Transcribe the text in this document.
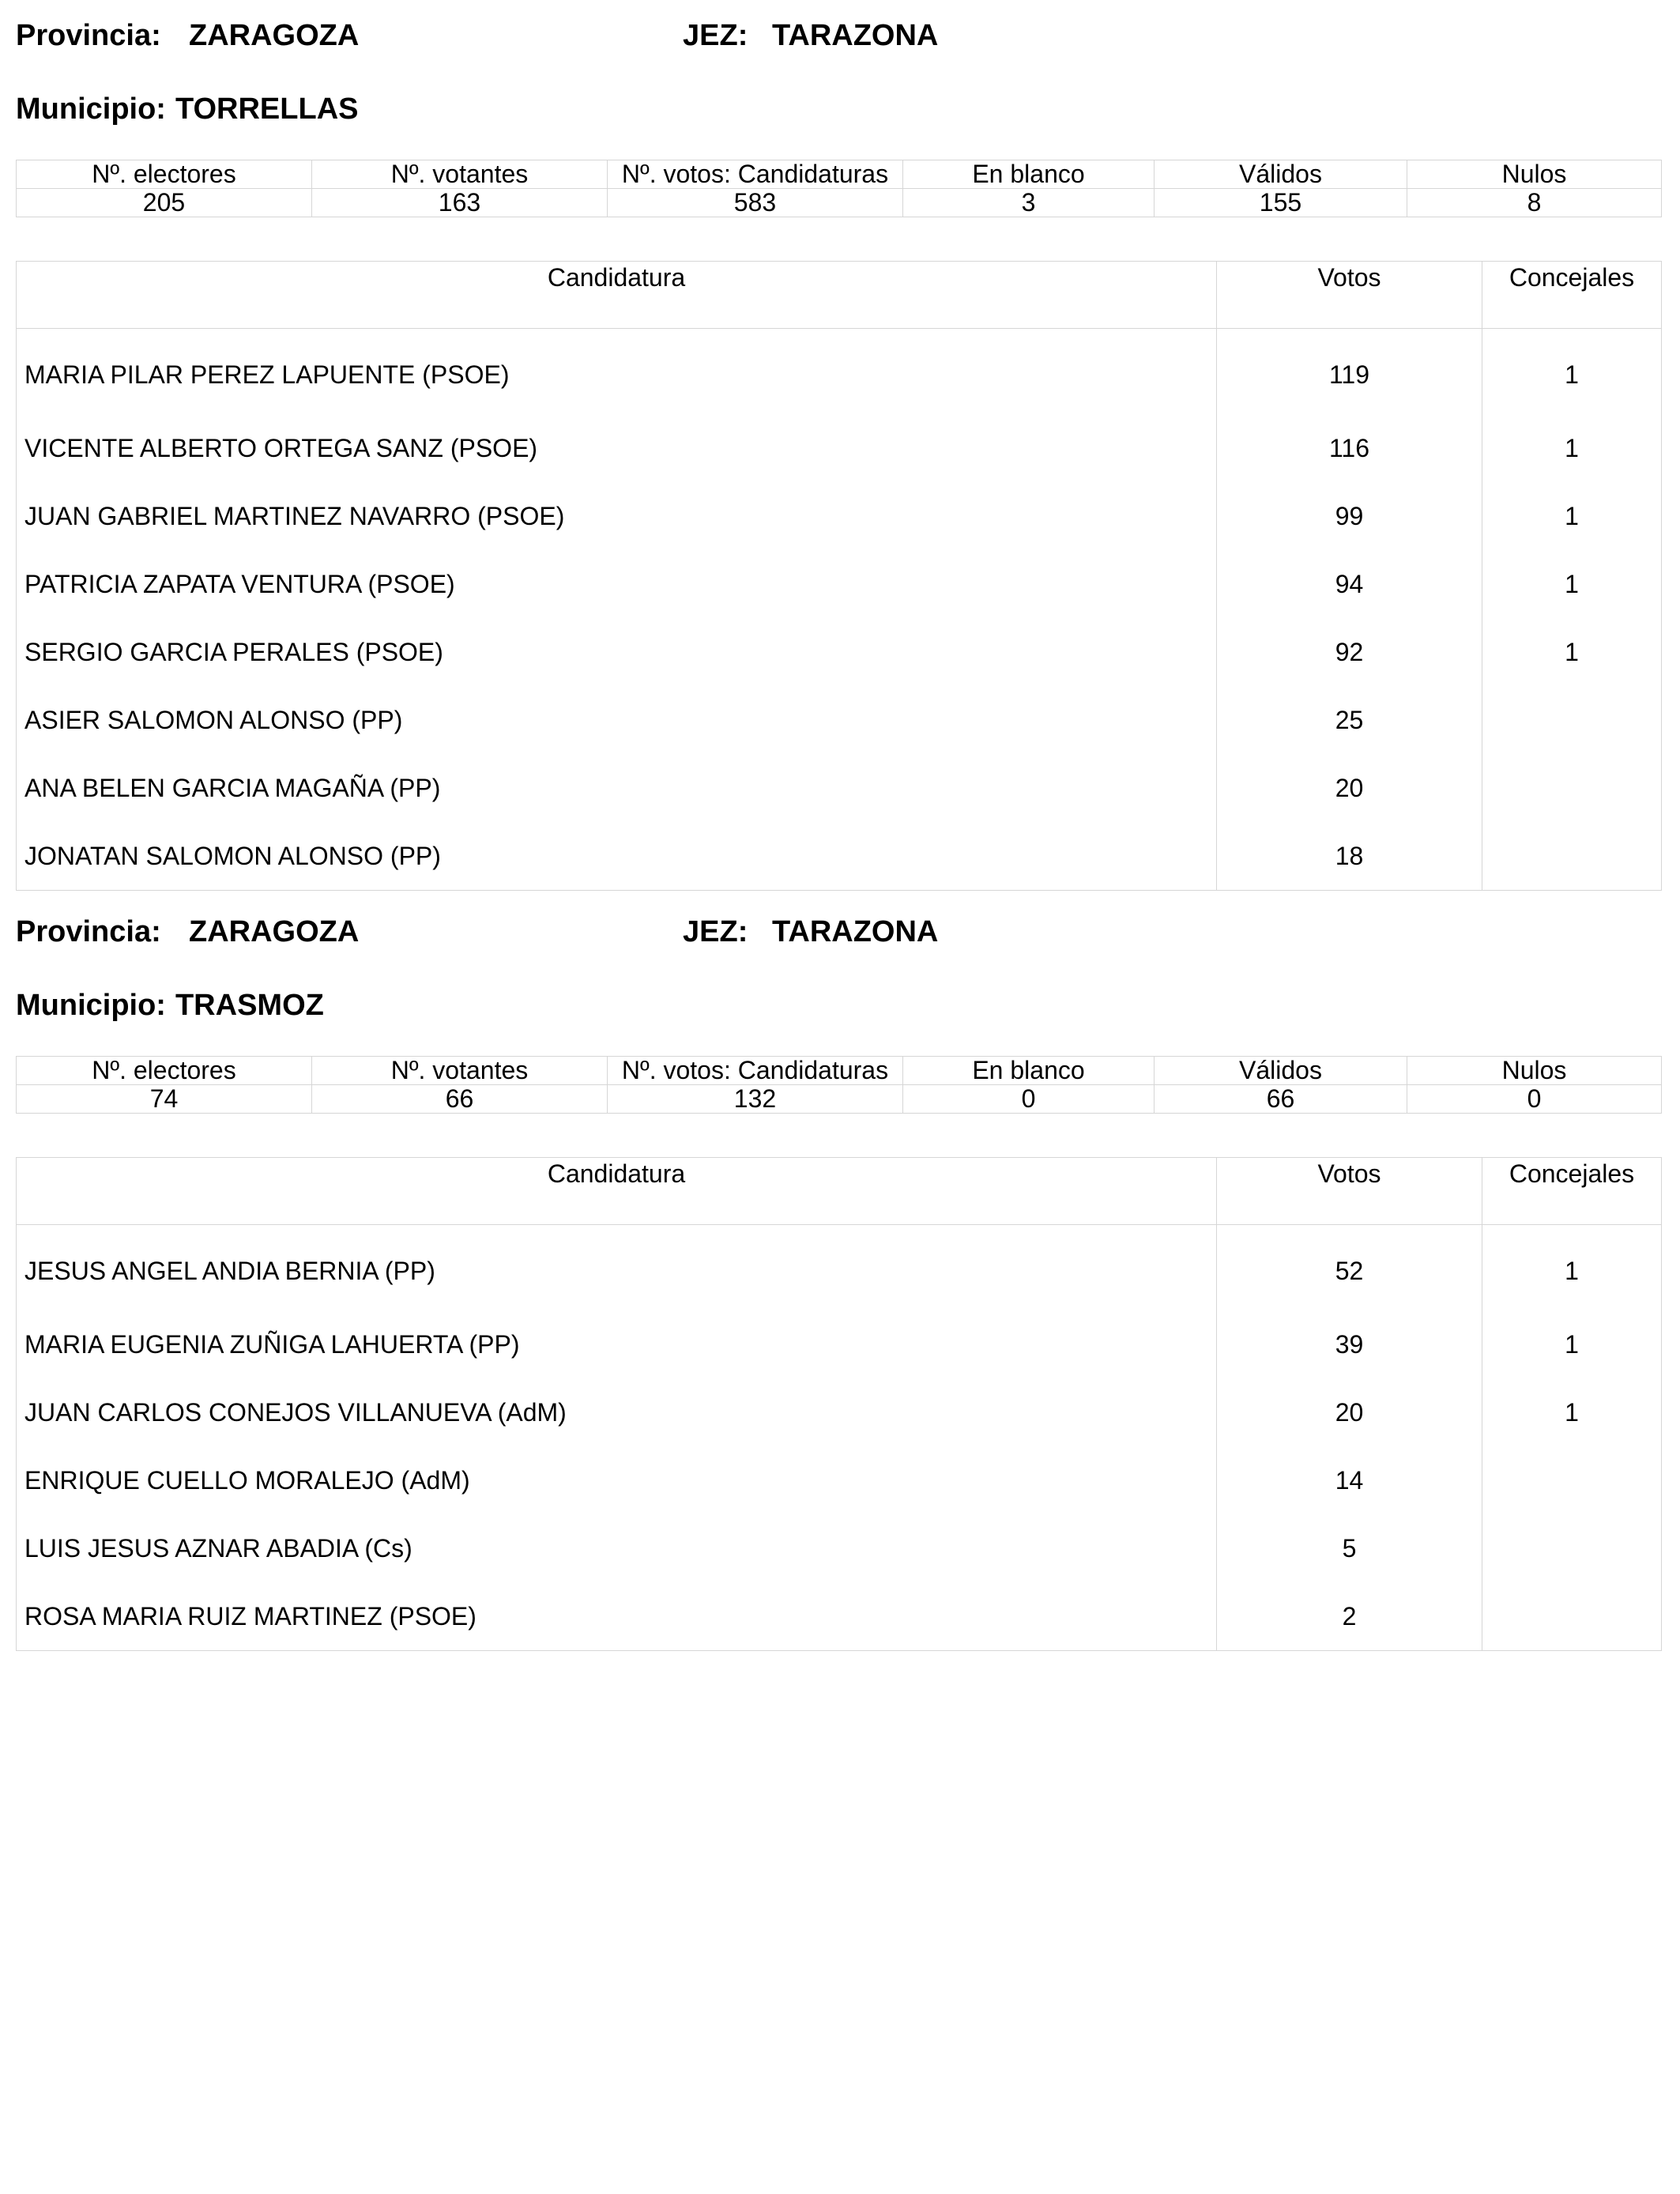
Provincia: ZARAGOZA	JEZ: TARAZONA
Municipio: TORRELLAS
Nº. electores	Nº. votantes	Nº. votos: Candidaturas	En blanco	Válidos	Nulos
205	163	583	3	155	8
Candidatura	Votos	Concejales
MARIA PILAR PEREZ LAPUENTE (PSOE)	119	1
VICENTE ALBERTO ORTEGA SANZ (PSOE)	116	1
JUAN GABRIEL MARTINEZ NAVARRO (PSOE)	99	1
PATRICIA ZAPATA VENTURA (PSOE)	94	1
SERGIO GARCIA PERALES (PSOE)	92	1
ASIER SALOMON ALONSO (PP)	25	
ANA BELEN GARCIA MAGAÑA (PP)	20	
JONATAN SALOMON ALONSO (PP)	18	
Provincia: ZARAGOZA	JEZ: TARAZONA
Municipio: TRASMOZ
Nº. electores	Nº. votantes	Nº. votos: Candidaturas	En blanco	Válidos	Nulos
74	66	132	0	66	0
Candidatura	Votos	Concejales
JESUS ANGEL ANDIA BERNIA (PP)	52	1
MARIA EUGENIA ZUÑIGA LAHUERTA (PP)	39	1
JUAN CARLOS CONEJOS VILLANUEVA (AdM)	20	1
ENRIQUE CUELLO MORALEJO (AdM)	14	
LUIS JESUS AZNAR ABADIA (Cs)	5	
ROSA MARIA RUIZ MARTINEZ (PSOE)	2	
